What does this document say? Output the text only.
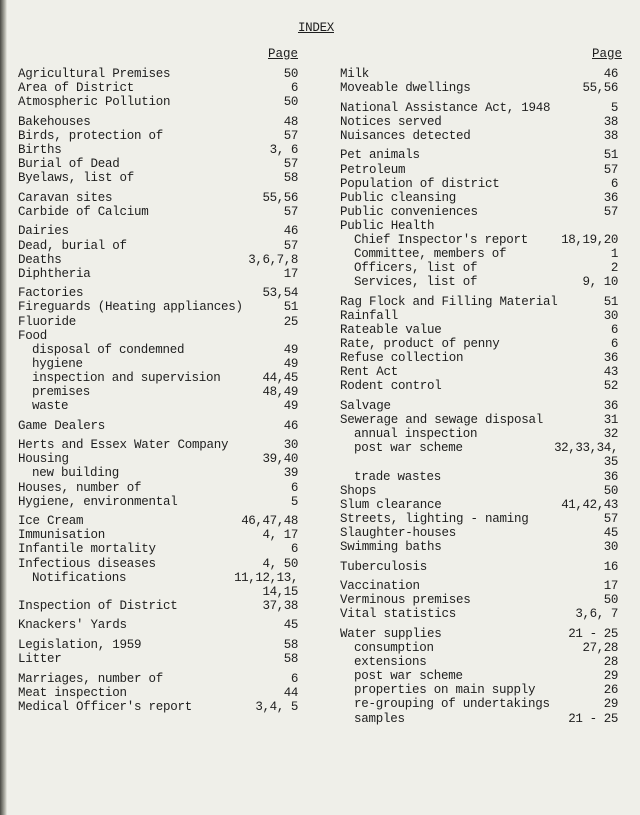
INDEX
Page	Page
Agricultural Premises	50
Area of District	6
Atmospheric Pollution	50
Bakehouses	48
Birds, protection of	57
Births	3, 6
Burial of Dead	57
Byelaws, list of	58
Caravan sites	55,56
Carbide of Calcium	57
Dairies	46
Dead, burial of	57
Deaths	3,6,7,8
Diphtheria	17
Factories	53,54
Fireguards (Heating appliances)	51
Fluoride	25
Food
disposal of condemned	49
hygiene	49
inspection and supervision	44,45
premises	48,49
waste	49
Game Dealers	46
Herts and Essex Water Company	30
Housing	39,40
new building	39
Houses, number of	6
Hygiene, environmental	5
Ice Cream	46,47,48
Immunisation	4, 17
Infantile mortality	6
Infectious diseases	4, 50
Notifications	11,12,13,
14,15
Inspection of District	37,38
Knackers' Yards	45
Legislation, 1959	58
Litter	58
Marriages, number of	6
Meat inspection	44
Medical Officer's report	3,4, 5
Milk	46
Moveable dwellings	55,56
National Assistance Act, 1948	5
Notices served	38
Nuisances detected	38
Pet animals	51
Petroleum	57
Population of district	6
Public cleansing	36
Public conveniences	57
Public Health
Chief Inspector's report	18,19,20
Committee, members of	1
Officers, list of	2
Services, list of	9, 10
Rag Flock and Filling Material	51
Rainfall	30
Rateable value	6
Rate, product of penny	6
Refuse collection	36
Rent Act	43
Rodent control	52
Salvage	36
Sewerage and sewage disposal	31
annual inspection	32
post war scheme	32,33,34,
35
trade wastes	36
Shops	50
Slum clearance	41,42,43
Streets, lighting - naming	57
Slaughter-houses	45
Swimming baths	30
Tuberculosis	16
Vaccination	17
Verminous premises	50
Vital statistics	3,6, 7
Water supplies	21 - 25
consumption	27,28
extensions	28
post war scheme	29
properties on main supply	26
re-grouping of undertakings	29
samples	21 - 25
